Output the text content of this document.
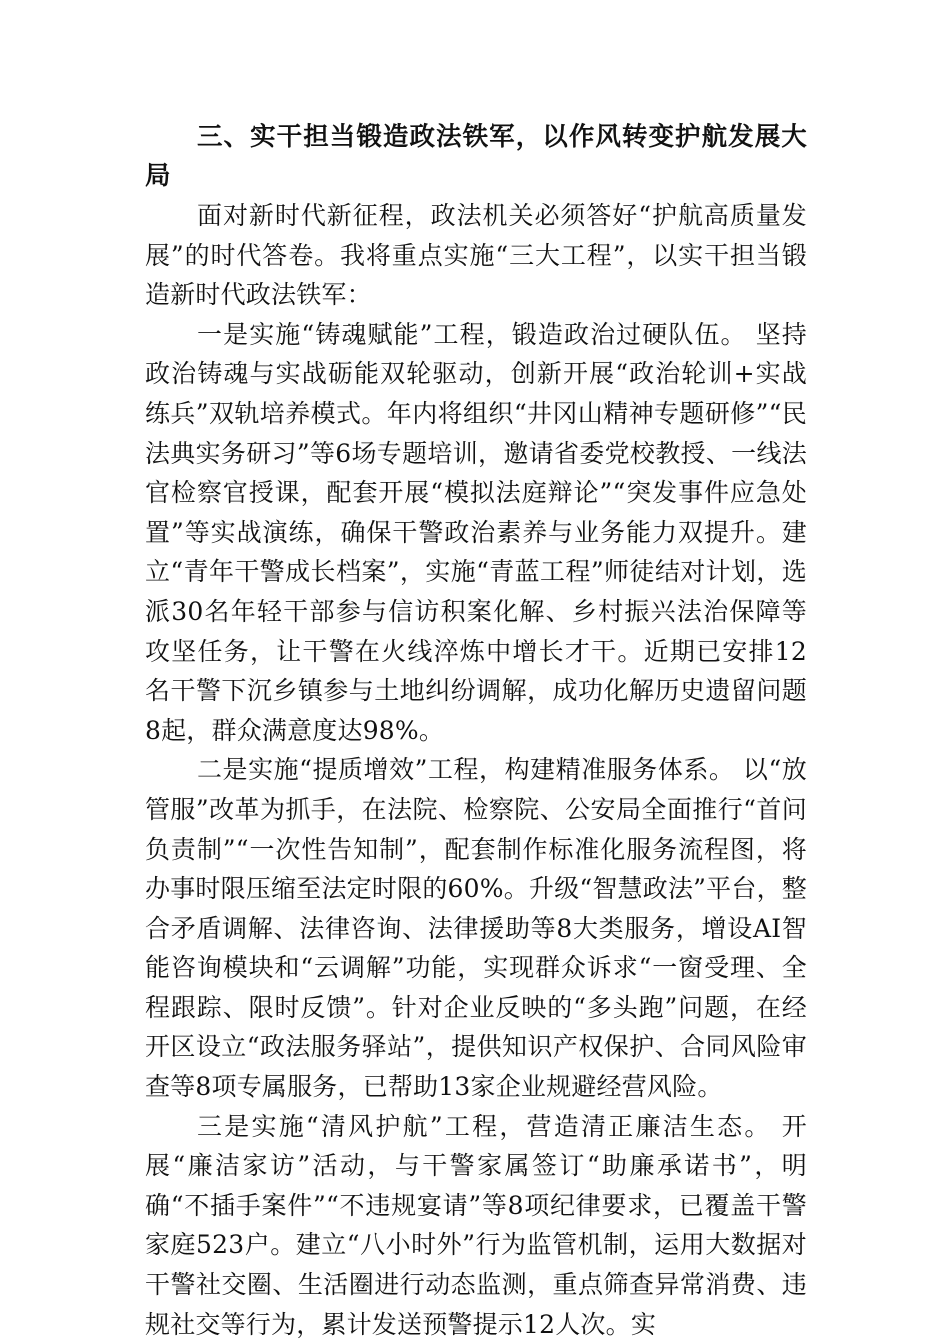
三、实干担当锻造政法铁军，以作风转变护航发展大局

面对新时代新征程，政法机关必须答好“护航高质量发展”的时代答卷。我将重点实施“三大工程”，以实干担当锻造新时代政法铁军：

一是实施“铸魂赋能”工程，锻造政治过硬队伍。 坚持政治铸魂与实战砺能双轮驱动，创新开展“政治轮训+实战练兵”双轨培养模式。年内将组织“井冈山精神专题研修”“民法典实务研习”等6场专题培训，邀请省委党校教授、一线法官检察官授课，配套开展“模拟法庭辩论”“突发事件应急处置”等实战演练，确保干警政治素养与业务能力双提升。建立“青年干警成长档案”，实施“青蓝工程”师徒结对计划，选派30名年轻干部参与信访积案化解、乡村振兴法治保障等攻坚任务，让干警在火线淬炼中增长才干。近期已安排12名干警下沉乡镇参与土地纠纷调解，成功化解历史遗留问题8起，群众满意度达98%。

二是实施“提质增效”工程，构建精准服务体系。 以“放管服”改革为抓手，在法院、检察院、公安局全面推行“首问负责制”“一次性告知制”，配套制作标准化服务流程图，将办事时限压缩至法定时限的60%。升级“智慧政法”平台，整合矛盾调解、法律咨询、法律援助等8大类服务，增设AI智能咨询模块和“云调解”功能，实现群众诉求“一窗受理、全程跟踪、限时反馈”。针对企业反映的“多头跑”问题，在经开区设立“政法服务驿站”，提供知识产权保护、合同风险审查等8项专属服务，已帮助13家企业规避经营风险。

三是实施“清风护航”工程，营造清正廉洁生态。 开展“廉洁家访”活动，与干警家属签订“助廉承诺书”，明确“不插手案件”“不违规宴请”等8项纪律要求，已覆盖干警家庭523户。建立“八小时外”行为监管机制，运用大数据对干警社交圈、生活圈进行动态监测，重点筛查异常消费、违规社交等行为，累计发送预警提示12人次。实
